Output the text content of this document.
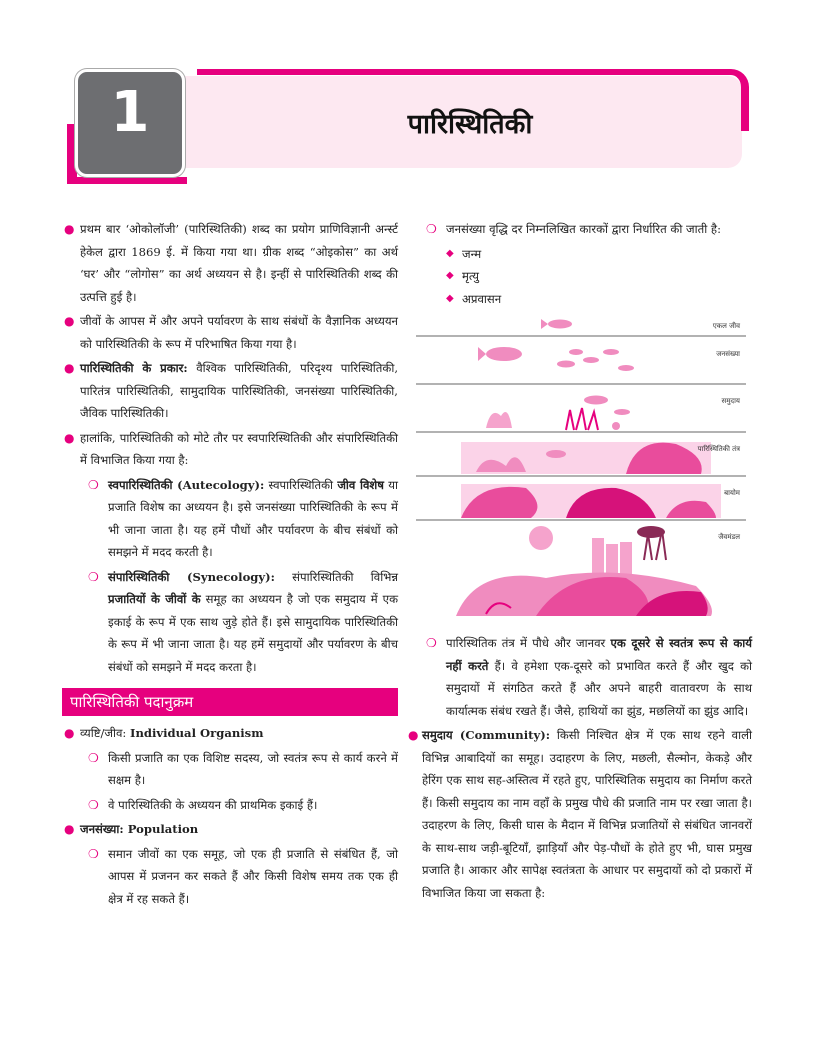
1	पारिस्थितिकी
● प्रथम बार ‘ओकोलॉजी’ (पारिस्थितिकी) शब्द का प्रयोग प्राणिविज्ञानी अर्न्स्ट हेकेल द्वारा 1869 ई. में किया गया था। ग्रीक शब्द “ओइकोस” का अर्थ ‘घर’ और “लोगोस” का अर्थ अध्ययन से है। इन्हीं से पारिस्थितिकी शब्द की उत्पत्ति हुई है।

● जीवों के आपस में और अपने पर्यावरण के साथ संबंधों के वैज्ञानिक अध्ययन को पारिस्थितिकी के रूप में परिभाषित किया गया है।

● पारिस्थितिकी के प्रकार: वैश्विक पारिस्थितिकी, परिदृश्य पारिस्थितिकी, पारितंत्र पारिस्थितिकी, सामुदायिक पारिस्थितिकी, जनसंख्या पारिस्थितिकी, जैविक पारिस्थितिकी।

● हालांकि, पारिस्थितिकी को मोटे तौर पर स्वपारिस्थितिकी और संपारिस्थितिकी में विभाजित किया गया है:

❍ स्वपारिस्थितिकी (Autecology): स्वपारिस्थितिकी जीव विशेष या प्रजाति विशेष का अध्ययन है। इसे जनसंख्या पारिस्थितिकी के रूप में भी जाना जाता है। यह हमें पौधों और पर्यावरण के बीच संबंधों को समझने में मदद करती है।

❍ संपारिस्थितिकी (Synecology): संपारिस्थितिकी विभिन्न प्रजातियों के जीवों के समूह का अध्ययन है जो एक समुदाय में एक इकाई के रूप में एक साथ जुड़े होते हैं। इसे सामुदायिक पारिस्थितिकी के रूप में भी जाना जाता है। यह हमें समुदायों और पर्यावरण के बीच संबंधों को समझने में मदद करता है।

पारिस्थितिकी पदानुक्रम
● व्यष्टि/जीव: Individual Organism

❍ किसी प्रजाति का एक विशिष्ट सदस्य, जो स्वतंत्र रूप से कार्य करने में सक्षम है।

❍ वे पारिस्थितिकी के अध्ययन की प्राथमिक इकाई हैं।

● जनसंख्या: Population

❍ समान जीवों का एक समूह, जो एक ही प्रजाति से संबंधित हैं, जो आपस में प्रजनन कर सकते हैं और किसी विशेष समय तक एक ही क्षेत्र में रह सकते हैं।

❍ जनसंख्या वृद्धि दर निम्नलिखित कारकों द्वारा निर्धारित की जाती है:

◆ जन्म
◆ मृत्यु
◆ अप्रवासन
एकल जीव
जनसंख्या
समुदाय
पारिस्थितिकी तंत्र
बायोम
जैवमंडल
❍ पारिस्थितिक तंत्र में पौधे और जानवर एक दूसरे से स्वतंत्र रूप से कार्य नहीं करते हैं। वे हमेशा एक-दूसरे को प्रभावित करते हैं और खुद को समुदायों में संगठित करते हैं और अपने बाहरी वातावरण के साथ कार्यात्मक संबंध रखते हैं। जैसे, हाथियों का झुंड, मछलियों का झुंड आदि।

● समुदाय (Community): किसी निश्चित क्षेत्र में एक साथ रहने वाली विभिन्न आबादियों का समूह। उदाहरण के लिए, मछली, सैल्मोन, केकड़े और हेरिंग एक साथ सह-अस्तित्व में रहते हुए, पारिस्थितिक समुदाय का निर्माण करते हैं। किसी समुदाय का नाम वहाँ के प्रमुख पौधे की प्रजाति नाम पर रखा जाता है। उदाहरण के लिए, किसी घास के मैदान में विभिन्न प्रजातियों से संबंधित जानवरों के साथ-साथ जड़ी-बूटियाँ, झाड़ियाँ और पेड़-पौधों के होते हुए भी, घास प्रमुख प्रजाति है। आकार और सापेक्ष स्वतंत्रता के आधार पर समुदायों को दो प्रकारों में विभाजित किया जा सकता है:
